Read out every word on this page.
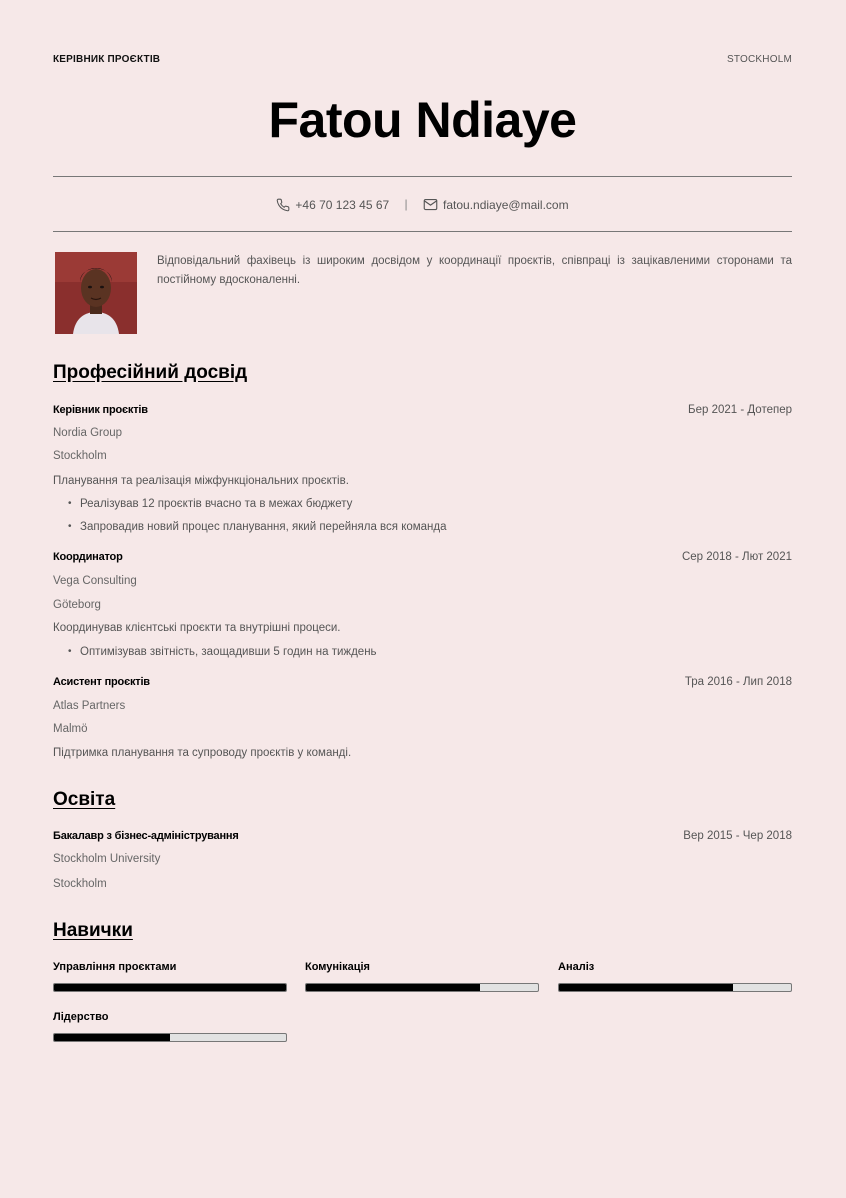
КЕРІВНИК ПРОЄКТІВ	STOCKHOLM
Fatou Ndiaye
+46 70 123 45 67 |	fatou.ndiaye@mail.com
Відповідальний фахівець із широким досвідом у координації проєктів, співпраці із зацікавленими сторонами та постійному вдосконаленні.
Професійний досвід
Керівник проєктів	Бер 2021 - Дотепер
Nordia Group
Stockholm
Планування та реалізація міжфункціональних проєктів.
• Реалізував 12 проєктів вчасно та в межах бюджету
• Запровадив новий процес планування, який перейняла вся команда
Координатор	Сер 2018 - Лют 2021
Vega Consulting
Göteborg
Координував клієнтські проєкти та внутрішні процеси.
• Оптимізував звітність, заощадивши 5 годин на тиждень
Асистент проєктів	Тра 2016 - Лип 2018
Atlas Partners
Malmö
Підтримка планування та супроводу проєктів у команді.
Освіта
Бакалавр з бізнес-адміністрування	Вер 2015 - Чер 2018
Stockholm University
Stockholm
Навички
Управління проєктами	Комунікація	Аналіз
Лідерство
